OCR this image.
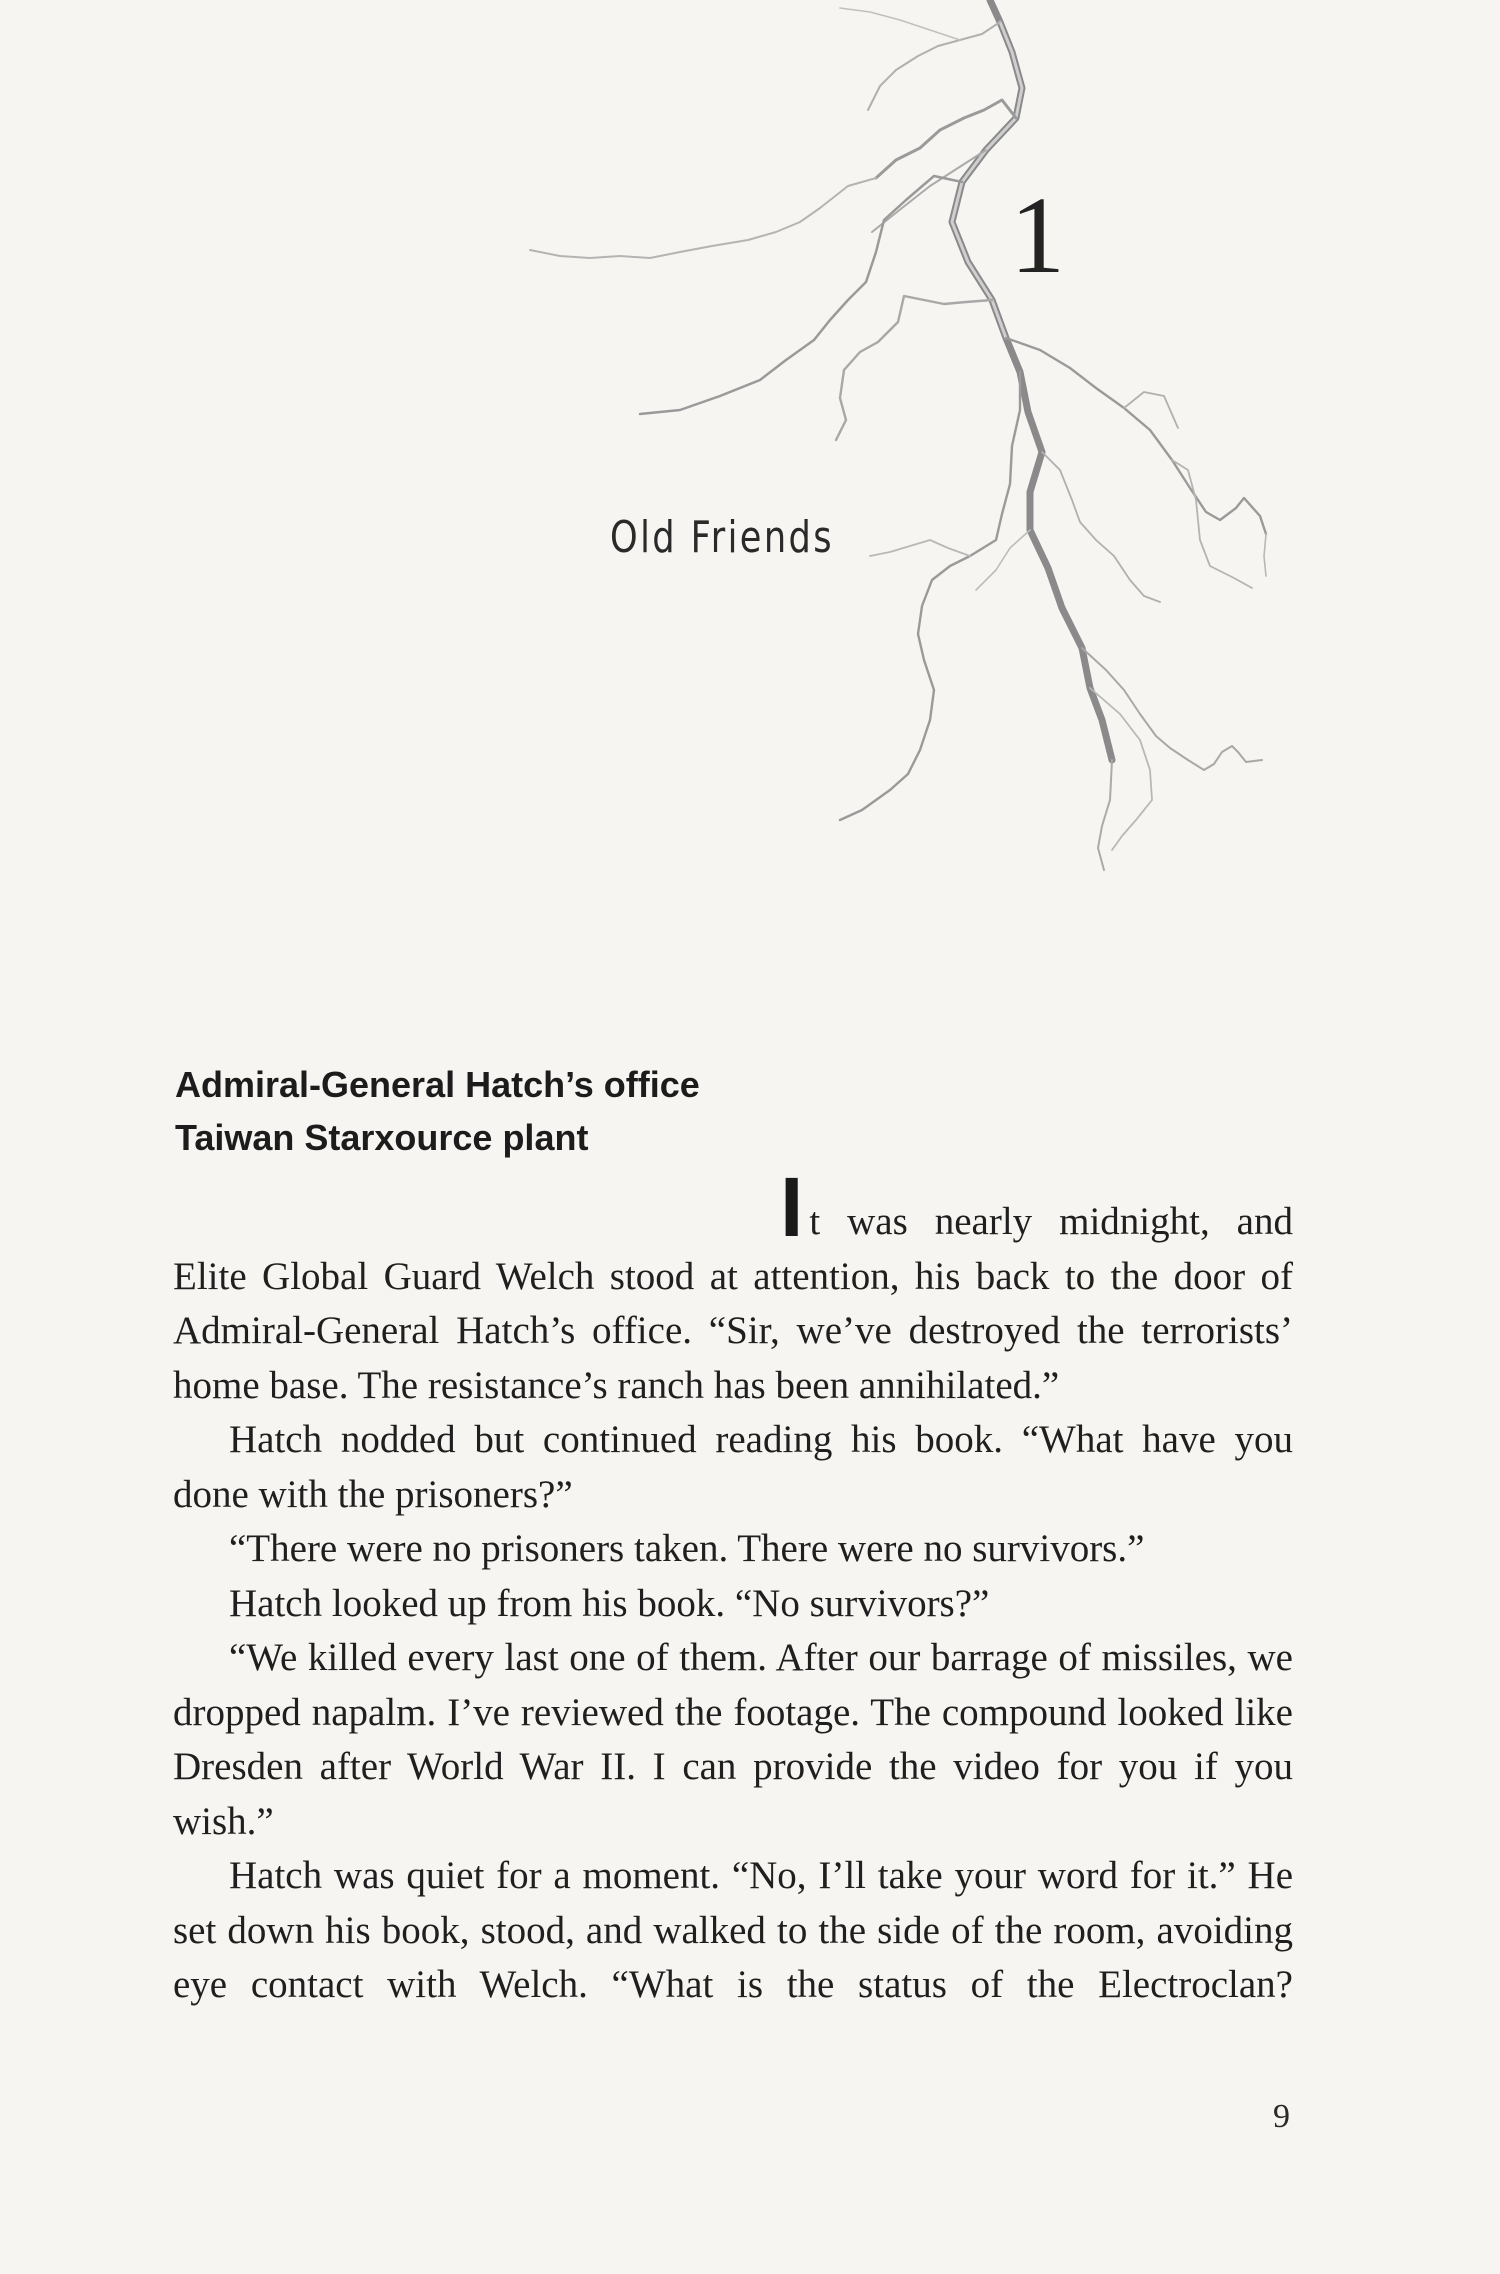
1
Old Friends
Admiral-General Hatch’s office
Taiwan Starxource plant
It was nearly midnight, and

Elite Global Guard Welch stood at attention, his back to the door of Admiral-General Hatch’s office. “Sir, we’ve destroyed the terrorists’ home base. The resistance’s ranch has been annihilated.”

Hatch nodded but continued reading his book. “What have you done with the prisoners?”

“There were no prisoners taken. There were no survivors.”

Hatch looked up from his book. “No survivors?”

“We killed every last one of them. After our barrage of missiles, we dropped napalm. I’ve reviewed the footage. The compound looked like Dresden after World War II. I can provide the video for you if you wish.”

Hatch was quiet for a moment. “No, I’ll take your word for it.” He set down his book, stood, and walked to the side of the room, avoiding eye contact with Welch. “What is the status of the Electroclan?

9
